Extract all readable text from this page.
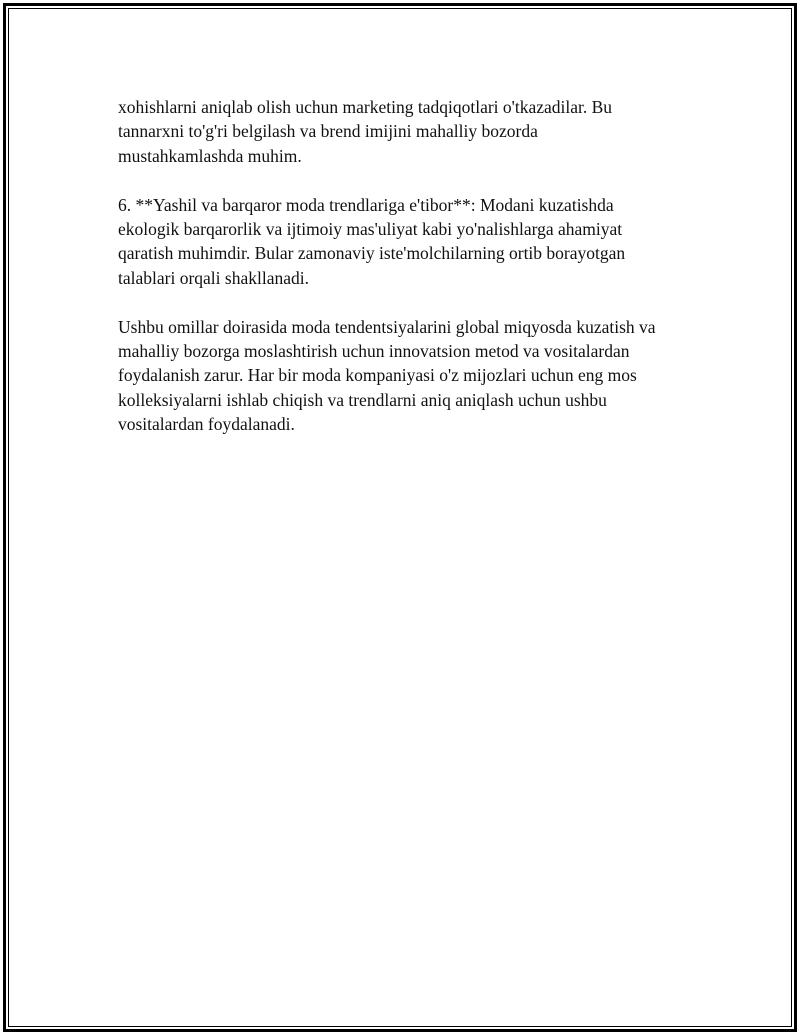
xohishlarni aniqlab olish uchun marketing tadqiqotlari o'tkazadilar. Bu
tannarxni to'g'ri belgilash va brend imijini mahalliy bozorda
mustahkamlashda muhim.

6. **Yashil va barqaror moda trendlariga e'tibor**: Modani kuzatishda
ekologik barqarorlik va ijtimoiy mas'uliyat kabi yo'nalishlarga ahamiyat
qaratish muhimdir. Bular zamonaviy iste'molchilarning ortib borayotgan
talablari orqali shakllanadi.

Ushbu omillar doirasida moda tendentsiyalarini global miqyosda kuzatish va
mahalliy bozorga moslashtirish uchun innovatsion metod va vositalardan
foydalanish zarur. Har bir moda kompaniyasi o'z mijozlari uchun eng mos
kolleksiyalarni ishlab chiqish va trendlarni aniq aniqlash uchun ushbu
vositalardan foydalanadi.
